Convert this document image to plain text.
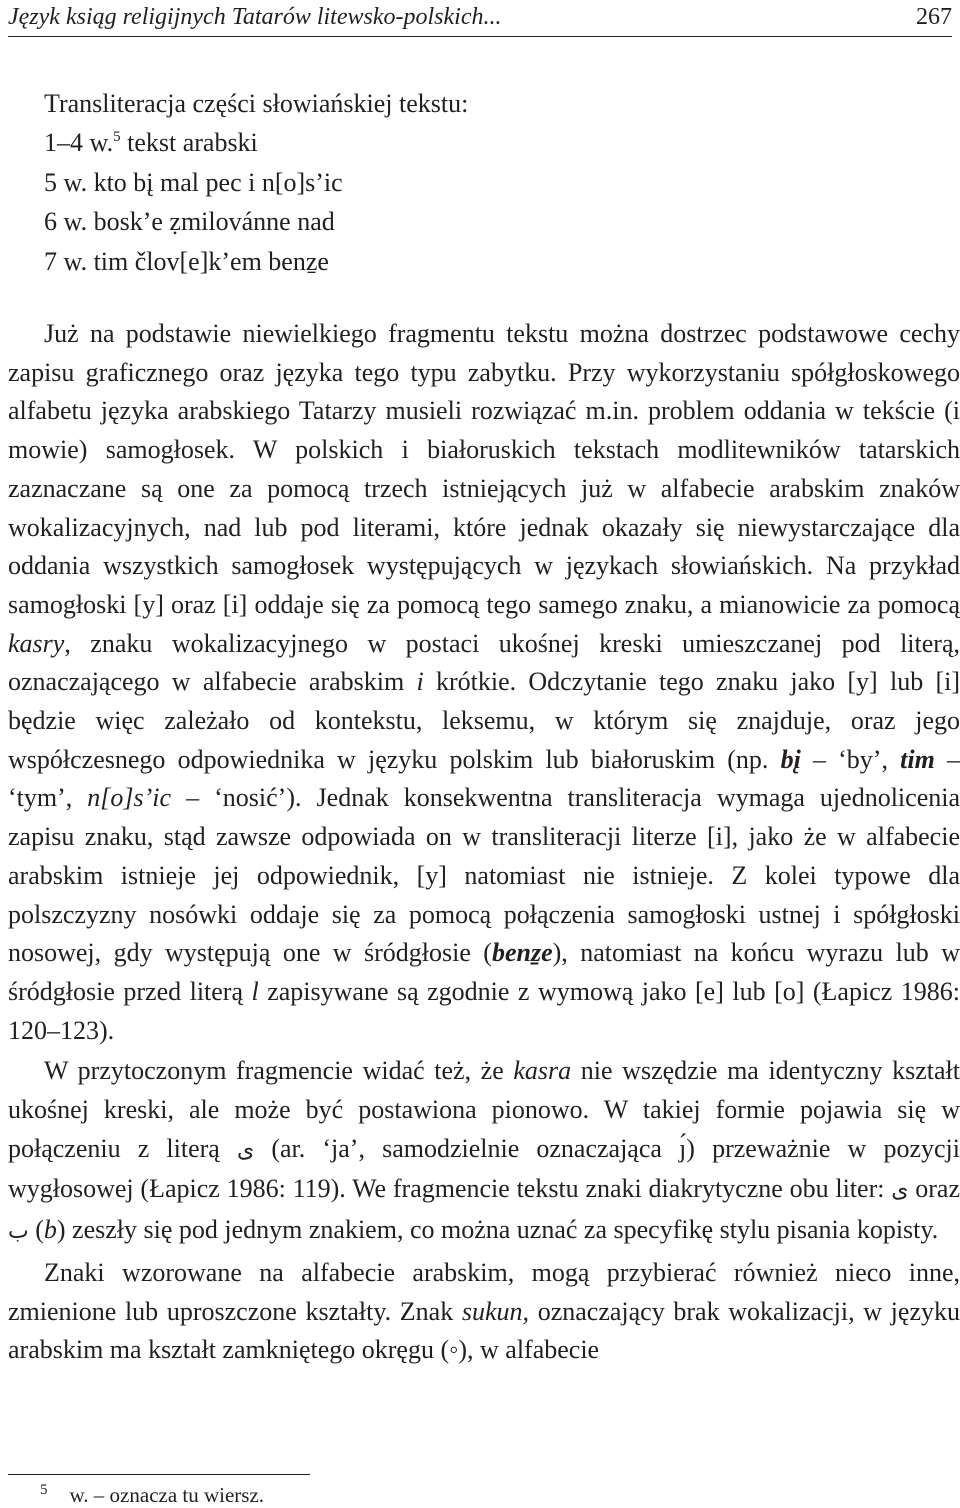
Język ksiąg religijnych Tatarów litewsko-polskich...	267
Transliteracja części słowiańskiej tekstu:
1–4 w.$^5$ tekst arabski
5 w. kto bį mal pec i n[o]s’ic
6 w. bosk’e ẓmilovánne nad
7 w. tim člov[e]k’em benẕe

Już na podstawie niewielkiego fragmentu tekstu można dostrzec podstawowe cechy zapisu graficznego oraz języka tego typu zabytku. Przy wykorzystaniu spółgłoskowego alfabetu języka arabskiego Tatarzy musieli rozwiązać m.in. problem oddania w tekście (i mowie) samogłosek. W polskich i białoruskich tekstach modlitewników tatarskich zaznaczane są one za pomocą trzech istniejących już w alfabecie arabskim znaków wokalizacyjnych, nad lub pod literami, które jednak okazały się niewystarczające dla oddania wszystkich samogłosek występujących w językach słowiańskich. Na przykład samogłoski [y] oraz [i] oddaje się za pomocą tego samego znaku, a mianowicie za pomocą kasry, znaku wokalizacyjnego w postaci ukośnej kreski umieszczanej pod literą, oznaczającego w alfabecie arabskim i krótkie. Odczytanie tego znaku jako [y] lub [i] będzie więc zależało od kontekstu, leksemu, w którym się znajduje, oraz jego współczesnego odpowiednika w języku polskim lub białoruskim (np. bį – ‘by’, tim – ‘tym’, n[o]s’ic – ‘nosić’). Jednak konsekwentna transliteracja wymaga ujednolicenia zapisu znaku, stąd zawsze odpowiada on w transliteracji literze [i], jako że w alfabecie arabskim istnieje jej odpowiednik, [y] natomiast nie istnieje. Z kolei typowe dla polszczyzny nosówki oddaje się za pomocą połączenia samogłoski ustnej i spółgłoski nosowej, gdy występują one w śródgłosie (benẕe), natomiast na końcu wyrazu lub w śródgłosie przed literą l zapisywane są zgodnie z wymową jako [e] lub [o] (Łapicz 1986: 120–123).

W przytoczonym fragmencie widać też, że kasra nie wszędzie ma identyczny kształt ukośnej kreski, ale może być postawiona pionowo. W takiej formie pojawia się w połączeniu z literą ى (ar. ‘ja’, samodzielnie oznaczająca ȷ́) przeważnie w pozycji wygłosowej (Łapicz 1986: 119). We fragmencie tekstu znaki diakrytyczne obu liter: ى oraz ب (b) zeszły się pod jednym znakiem, co można uznać za specyfikę stylu pisania kopisty.

Znaki wzorowane na alfabecie arabskim, mogą przybierać również nieco inne, zmienione lub uproszczone kształty. Znak sukun, oznaczający brak wokalizacji, w języku arabskim ma kształt zamkniętego okręgu (◦), w alfabecie

$^5$ w. – oznacza tu wiersz.
